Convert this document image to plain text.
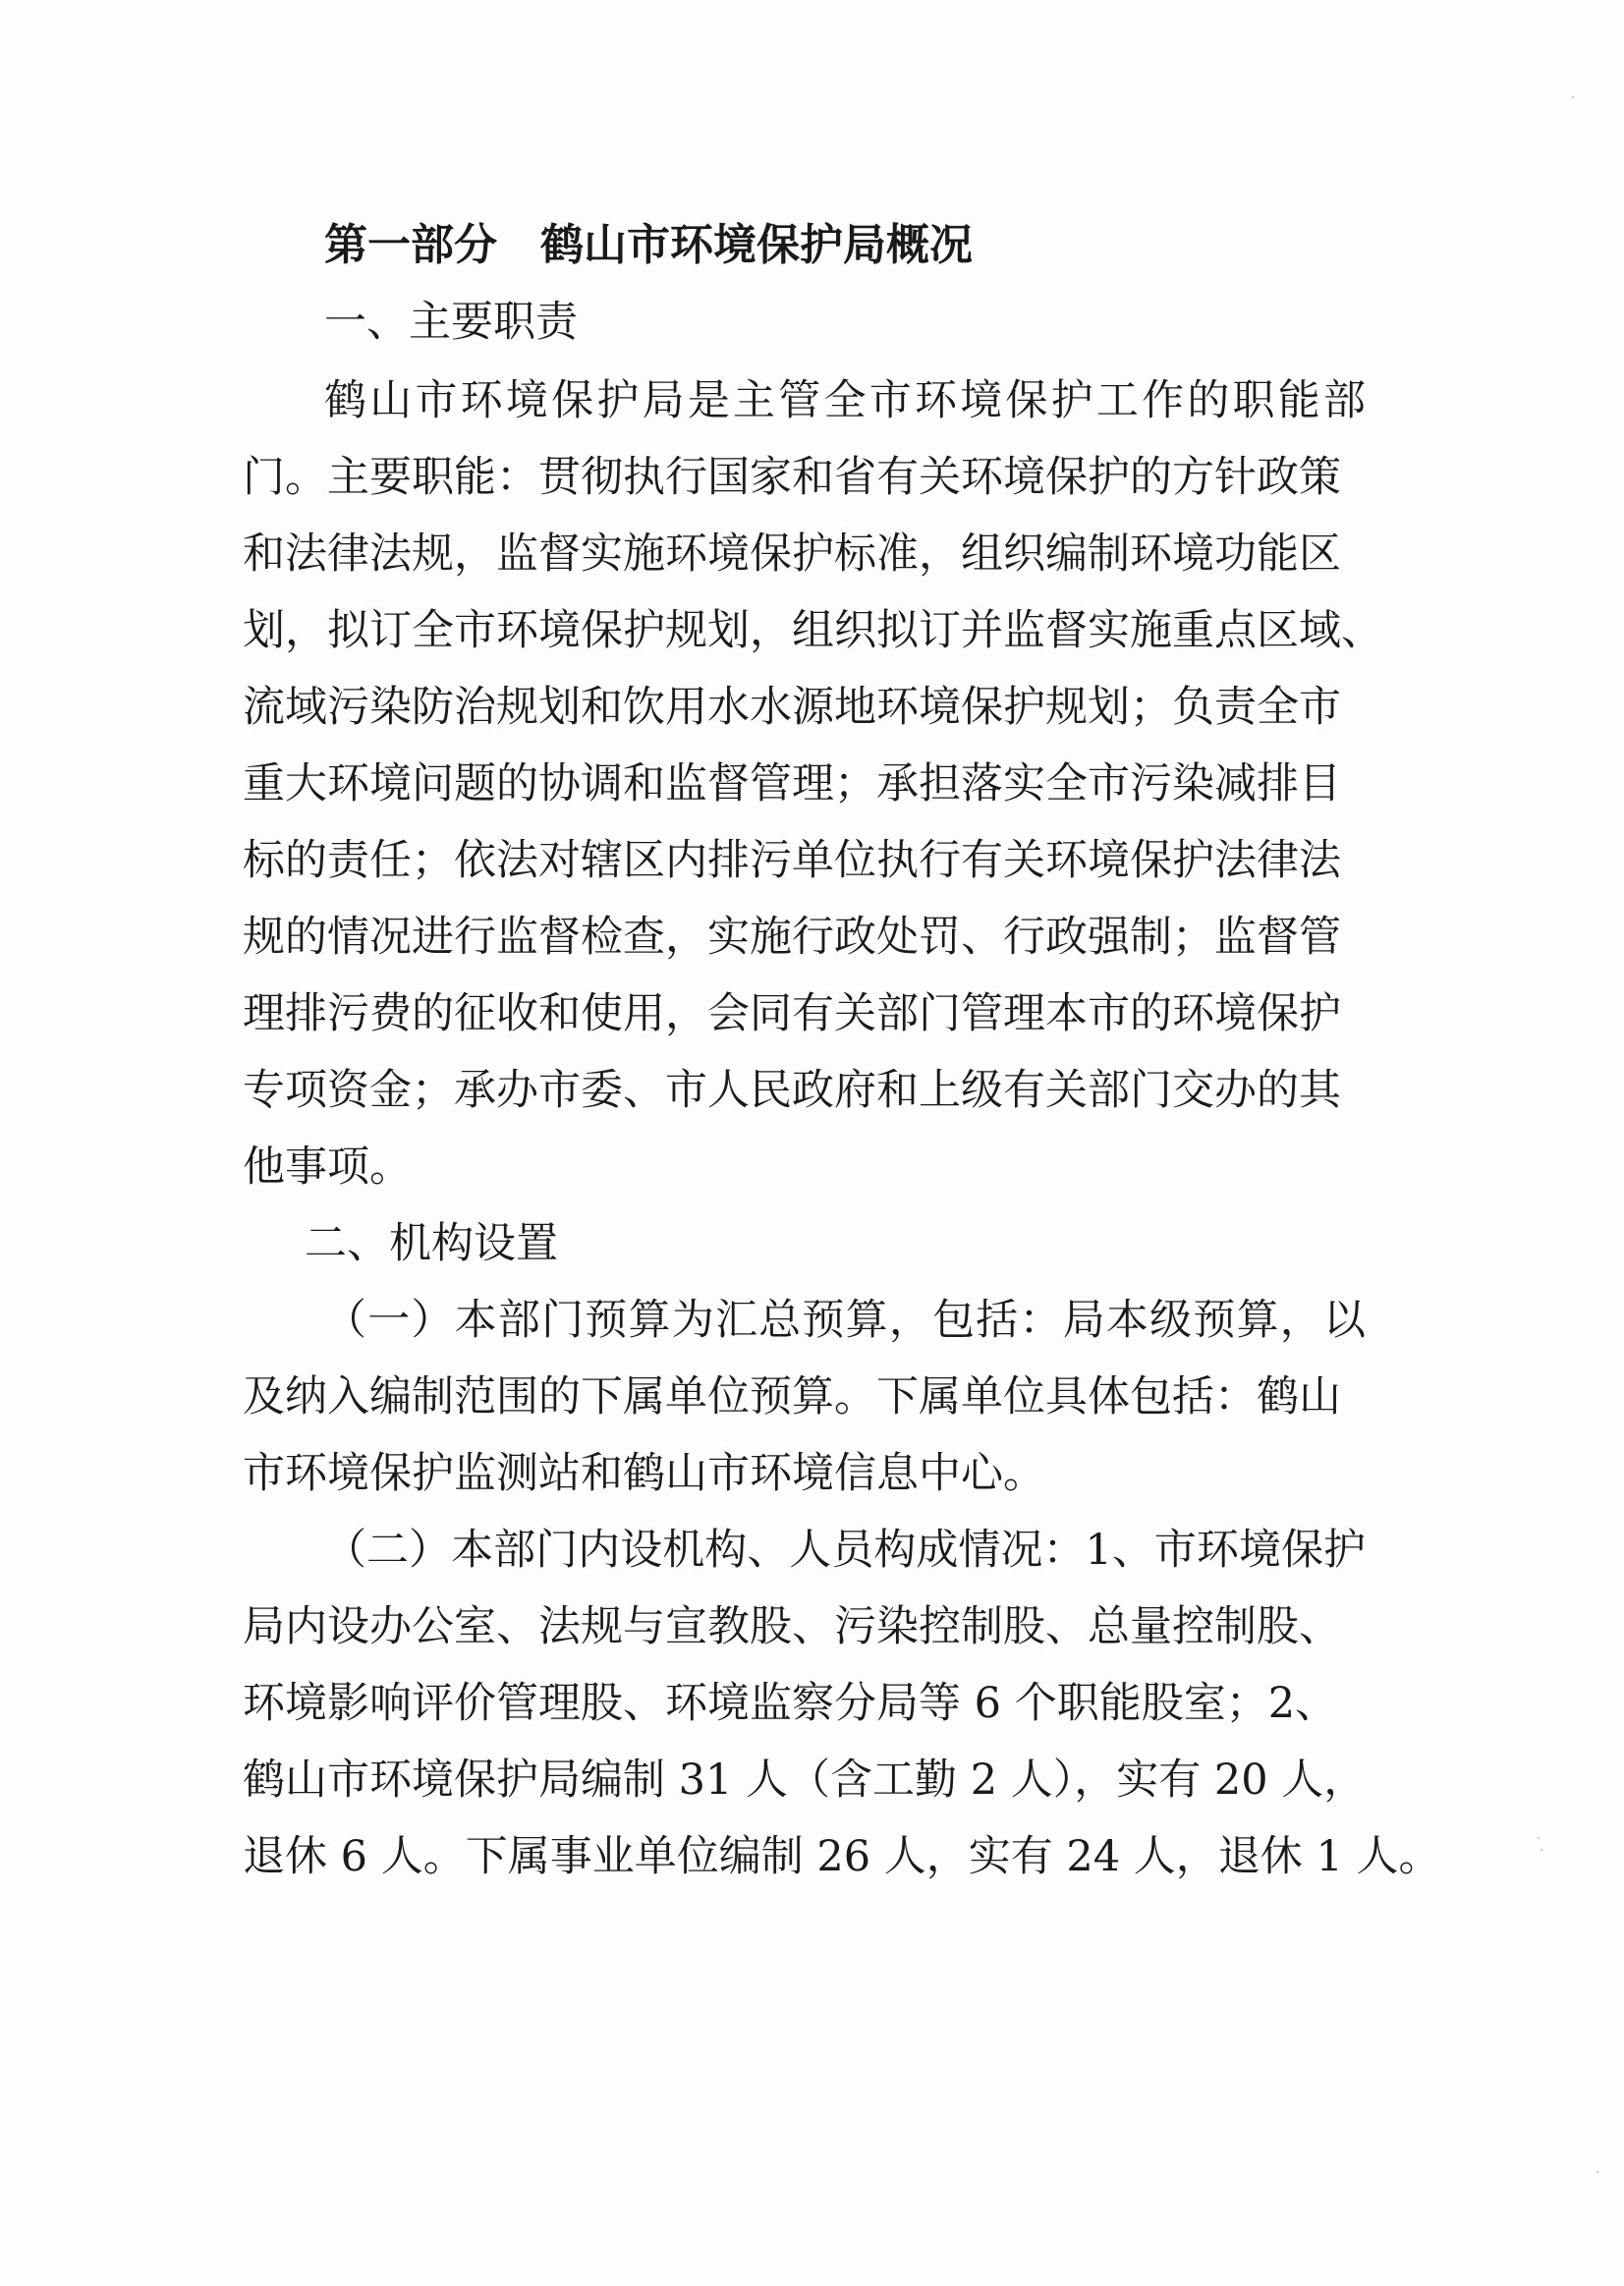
第一部分　鹤山市环境保护局概况
一、主要职责
鹤山市环境保护局是主管全市环境保护工作的职能部
门。主要职能：贯彻执行国家和省有关环境保护的方针政策
和法律法规，监督实施环境保护标准，组织编制环境功能区
划，拟订全市环境保护规划，组织拟订并监督实施重点区域、
流域污染防治规划和饮用水水源地环境保护规划；负责全市
重大环境问题的协调和监督管理；承担落实全市污染减排目
标的责任；依法对辖区内排污单位执行有关环境保护法律法
规的情况进行监督检查，实施行政处罚、行政强制；监督管
理排污费的征收和使用，会同有关部门管理本市的环境保护
专项资金；承办市委、市人民政府和上级有关部门交办的其
他事项。
二、机构设置
（一）本部门预算为汇总预算，包括：局本级预算，以
及纳入编制范围的下属单位预算。下属单位具体包括：鹤山
市环境保护监测站和鹤山市环境信息中心。
（二）本部门内设机构、人员构成情况：1、市环境保护
局内设办公室、法规与宣教股、污染控制股、总量控制股、
环境影响评价管理股、环境监察分局等 6 个职能股室；2、
鹤山市环境保护局编制 31 人（含工勤 2 人），实有 20 人，
退休 6 人。下属事业单位编制 26 人，实有 24 人，退休 1 人。
